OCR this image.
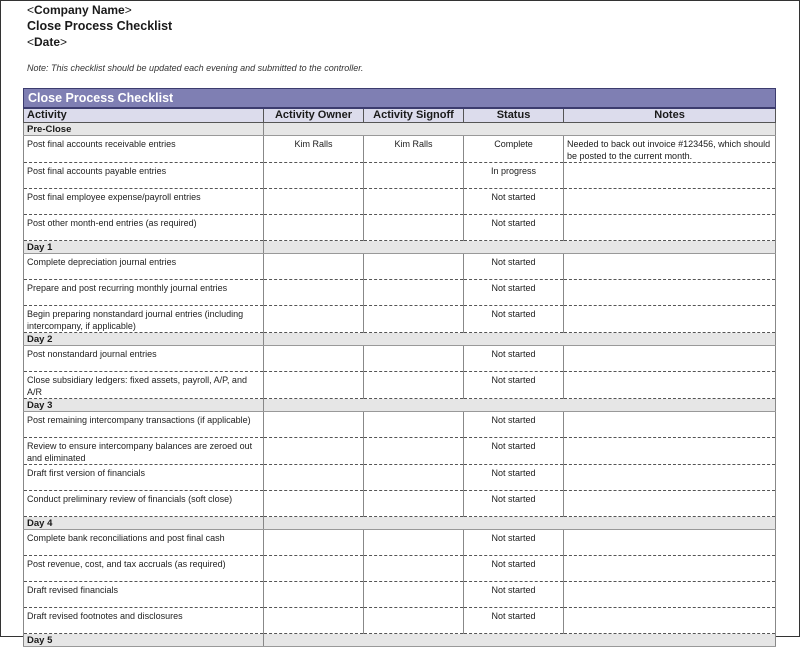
<Company Name>
Close Process Checklist
<Date>
Note: This checklist should be updated each evening and submitted to the controller.
Close Process Checklist				
Activity	Activity Owner	Activity Signoff	Status	Notes
Pre-Close				
Post final accounts receivable entries	Kim Ralls	Kim Ralls	Complete	Needed to back out invoice #123456, which should be posted to the current month.
Post final accounts payable entries			In progress	
Post final employee expense/payroll entries			Not started	
Post other month-end entries (as required)			Not started	
Day 1				
Complete depreciation journal entries			Not started	
Prepare and post recurring monthly journal entries			Not started	
Begin preparing nonstandard journal entries (including intercompany, if applicable)			Not started	
Day 2				
Post nonstandard journal entries			Not started	
Close subsidiary ledgers: fixed assets, payroll, A/P, and A/R			Not started	
Day 3				
Post remaining intercompany transactions (if applicable)			Not started	
Review to ensure intercompany balances are zeroed out and eliminated			Not started	
Draft first version of financials			Not started	
Conduct preliminary review of financials (soft close)			Not started	
Day 4				
Complete bank reconciliations and post final cash			Not started	
Post revenue, cost, and tax accruals (as required)			Not started	
Draft revised financials			Not started	
Draft revised footnotes and disclosures			Not started	
Day 5				
